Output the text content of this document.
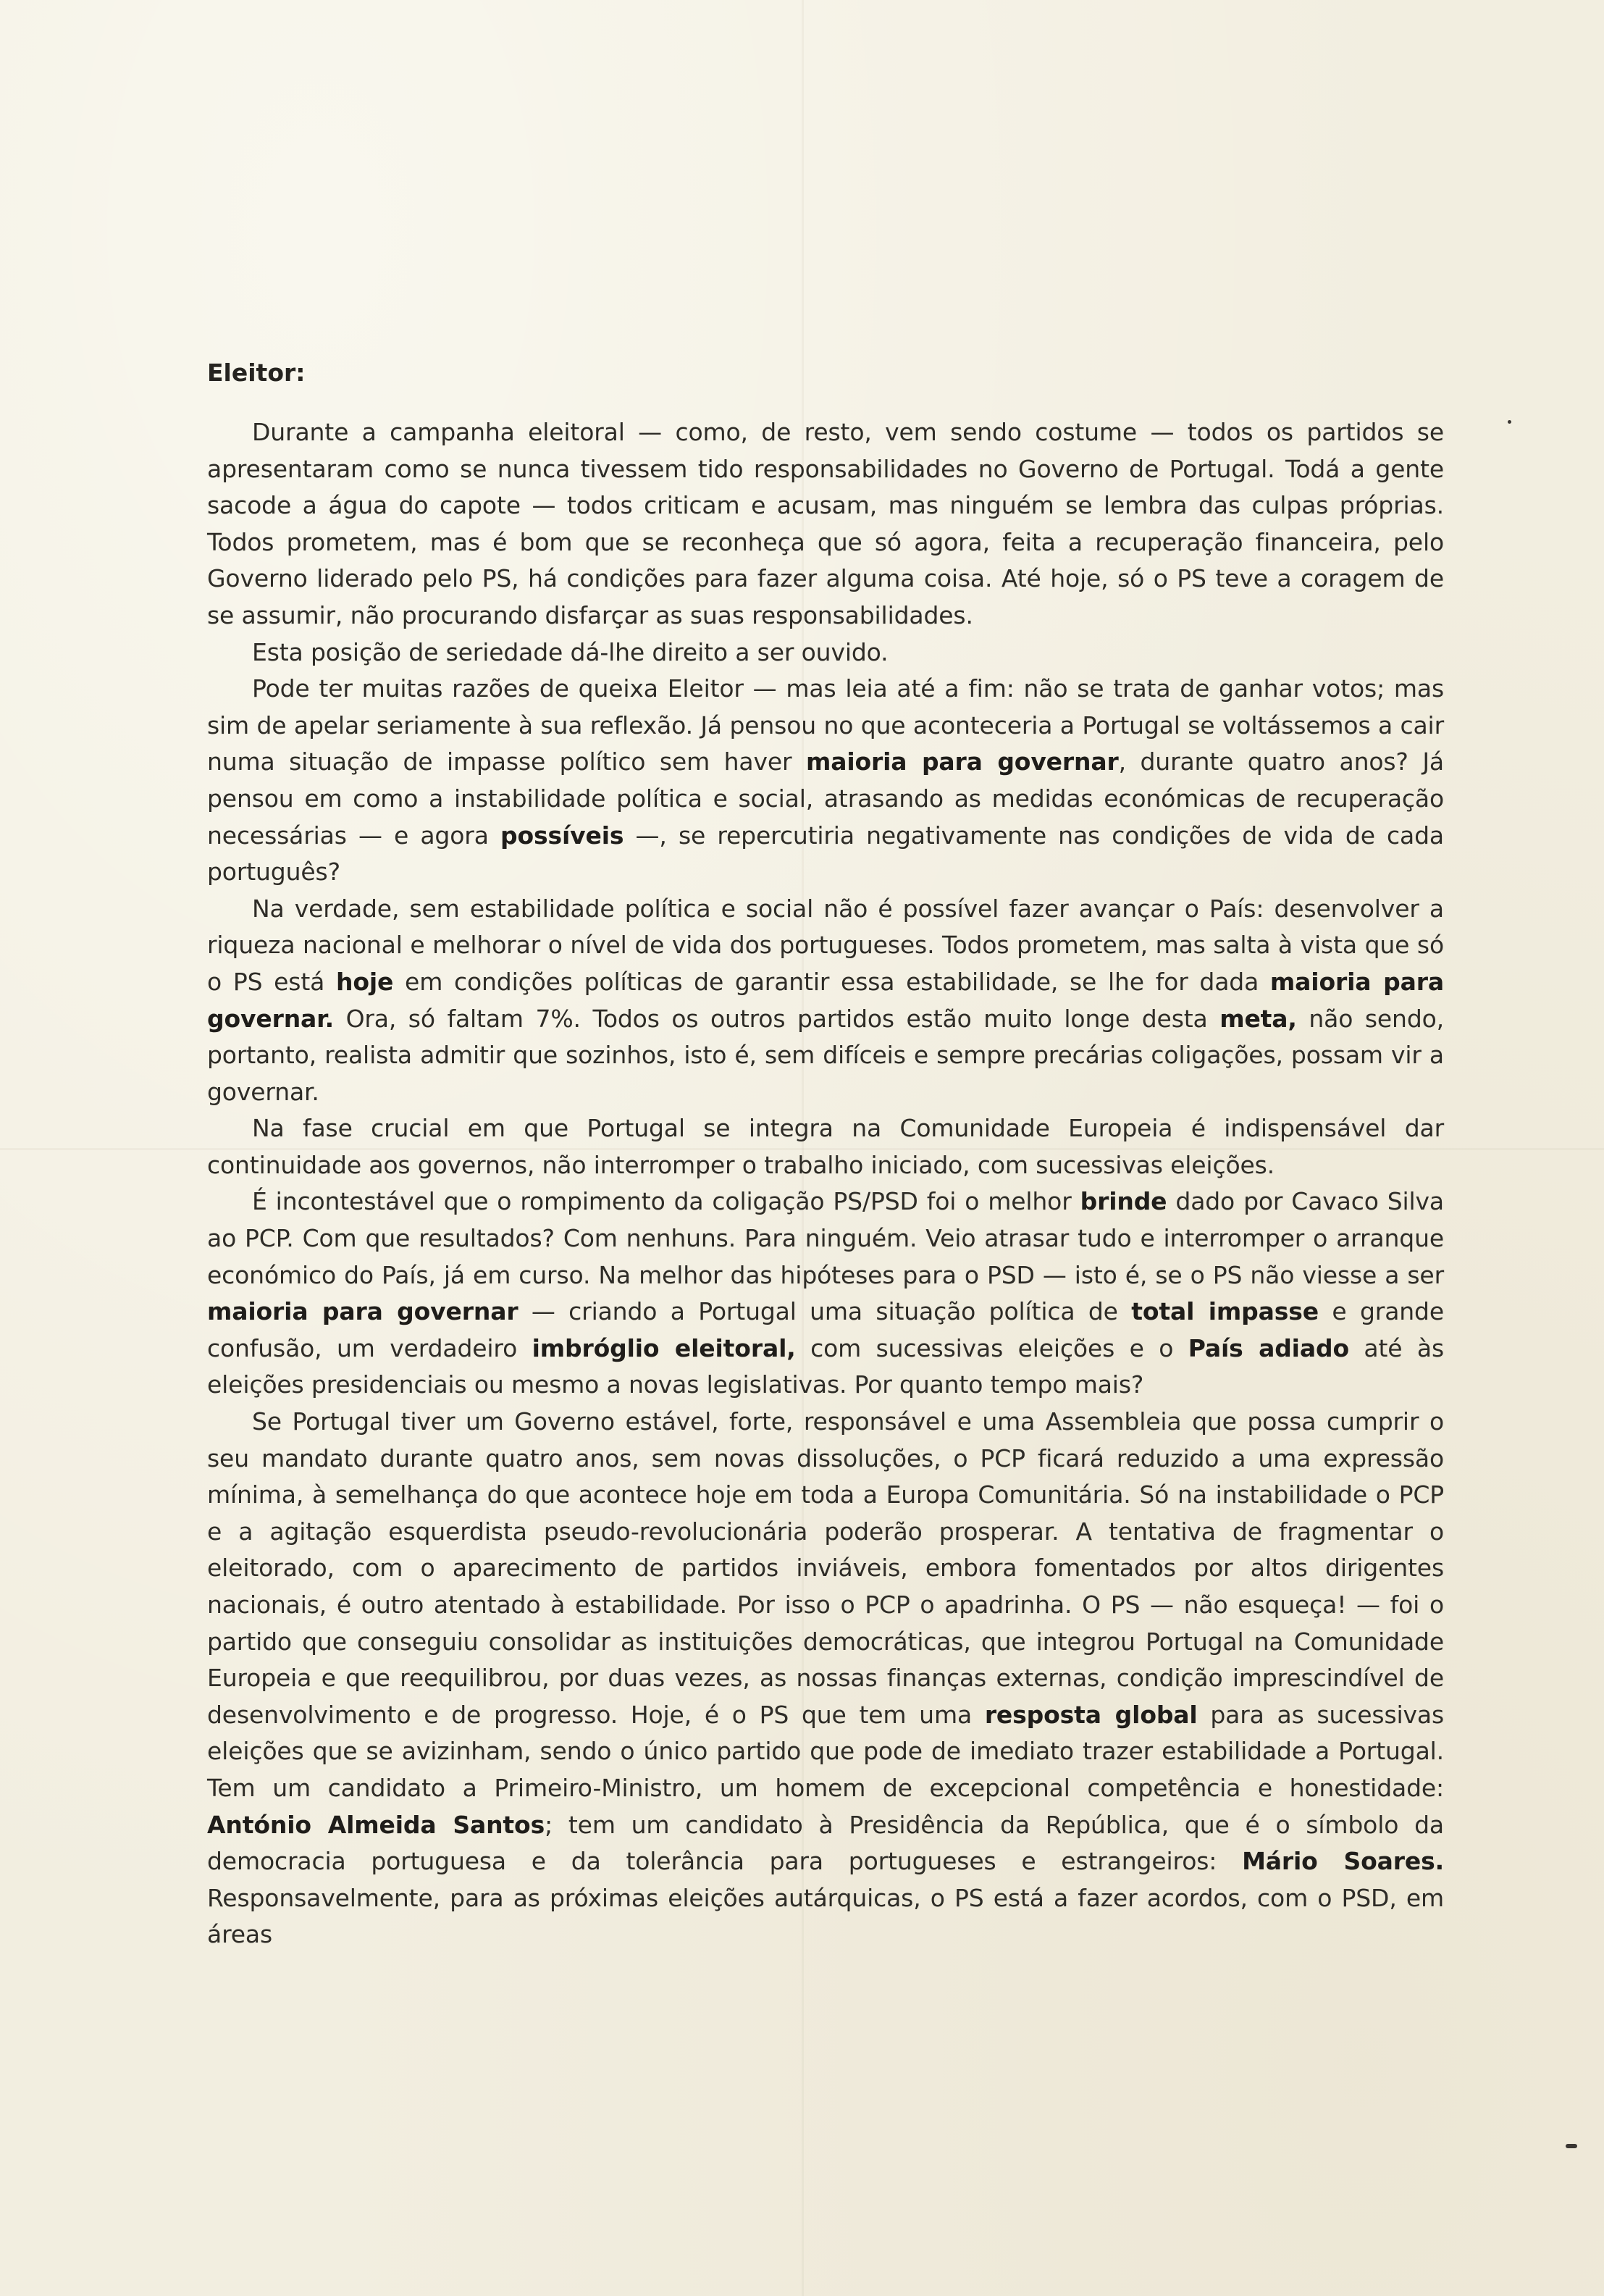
Eleitor:

Durante a campanha eleitoral — como, de resto, vem sendo costume — todos os partidos se apresentaram como se nunca tivessem tido responsabilidades no Governo de Portugal. Todá a gente sacode a água do capote — todos criticam e acusam, mas ninguém se lembra das culpas próprias. Todos prometem, mas é bom que se reconheça que só agora, feita a recuperação financeira, pelo Governo liderado pelo PS, há condições para fazer alguma coisa. Até hoje, só o PS teve a coragem de se assumir, não procurando disfarçar as suas responsabilidades.

Esta posição de seriedade dá-lhe direito a ser ouvido.

Pode ter muitas razões de queixa Eleitor — mas leia até a fim: não se trata de ganhar votos; mas sim de apelar seriamente à sua reflexão. Já pensou no que aconteceria a Portugal se voltássemos a cair numa situação de impasse político sem haver maioria para governar, durante quatro anos? Já pensou em como a instabilidade política e social, atrasando as medidas económicas de recuperação necessárias — e agora possíveis —, se repercutiria negativamente nas condições de vida de cada português?

Na verdade, sem estabilidade política e social não é possível fazer avançar o País: desenvolver a riqueza nacional e melhorar o nível de vida dos portugueses. Todos prometem, mas salta à vista que só o PS está hoje em condições políticas de garantir essa estabilidade, se lhe for dada maioria para governar. Ora, só faltam 7%. Todos os outros partidos estão muito longe desta meta, não sendo, portanto, realista admitir que sozinhos, isto é, sem difíceis e sempre precárias coligações, possam vir a governar.

Na fase crucial em que Portugal se integra na Comunidade Europeia é indispensável dar continuidade aos governos, não interromper o trabalho iniciado, com sucessivas eleições.

É incontestável que o rompimento da coligação PS/PSD foi o melhor brinde dado por Cavaco Silva ao PCP. Com que resultados? Com nenhuns. Para ninguém. Veio atrasar tudo e interromper o arranque económico do País, já em curso. Na melhor das hipóteses para o PSD — isto é, se o PS não viesse a ser maioria para governar — criando a Portugal uma situação política de total impasse e grande confusão, um verdadeiro imbróglio eleitoral, com sucessivas eleições e o País adiado até às eleições presidenciais ou mesmo a novas legislativas. Por quanto tempo mais?

Se Portugal tiver um Governo estável, forte, responsável e uma Assembleia que possa cumprir o seu mandato durante quatro anos, sem novas dissoluções, o PCP ficará reduzido a uma expressão mínima, à semelhança do que acontece hoje em toda a Europa Comunitária. Só na instabilidade o PCP e a agitação esquerdista pseudo-revolucionária poderão prosperar. A tentativa de fragmentar o eleitorado, com o aparecimento de partidos inviáveis, embora fomentados por altos dirigentes nacionais, é outro atentado à estabilidade. Por isso o PCP o apadrinha. O PS — não esqueça! — foi o partido que conseguiu consolidar as instituições democráticas, que integrou Portugal na Comunidade Europeia e que reequilibrou, por duas vezes, as nossas finanças externas, condição imprescindível de desenvolvimento e de progresso. Hoje, é o PS que tem uma resposta global para as sucessivas eleições que se avizinham, sendo o único partido que pode de imediato trazer estabilidade a Portugal. Tem um candidato a Primeiro-Ministro, um homem de excepcional competência e honestidade: António Almeida Santos; tem um candidato à Presidência da República, que é o símbolo da democracia portuguesa e da tolerância para portugueses e estrangeiros: Mário Soares. Responsavelmente, para as próximas eleições autárquicas, o PS está a fazer acordos, com o PSD, em áreas
